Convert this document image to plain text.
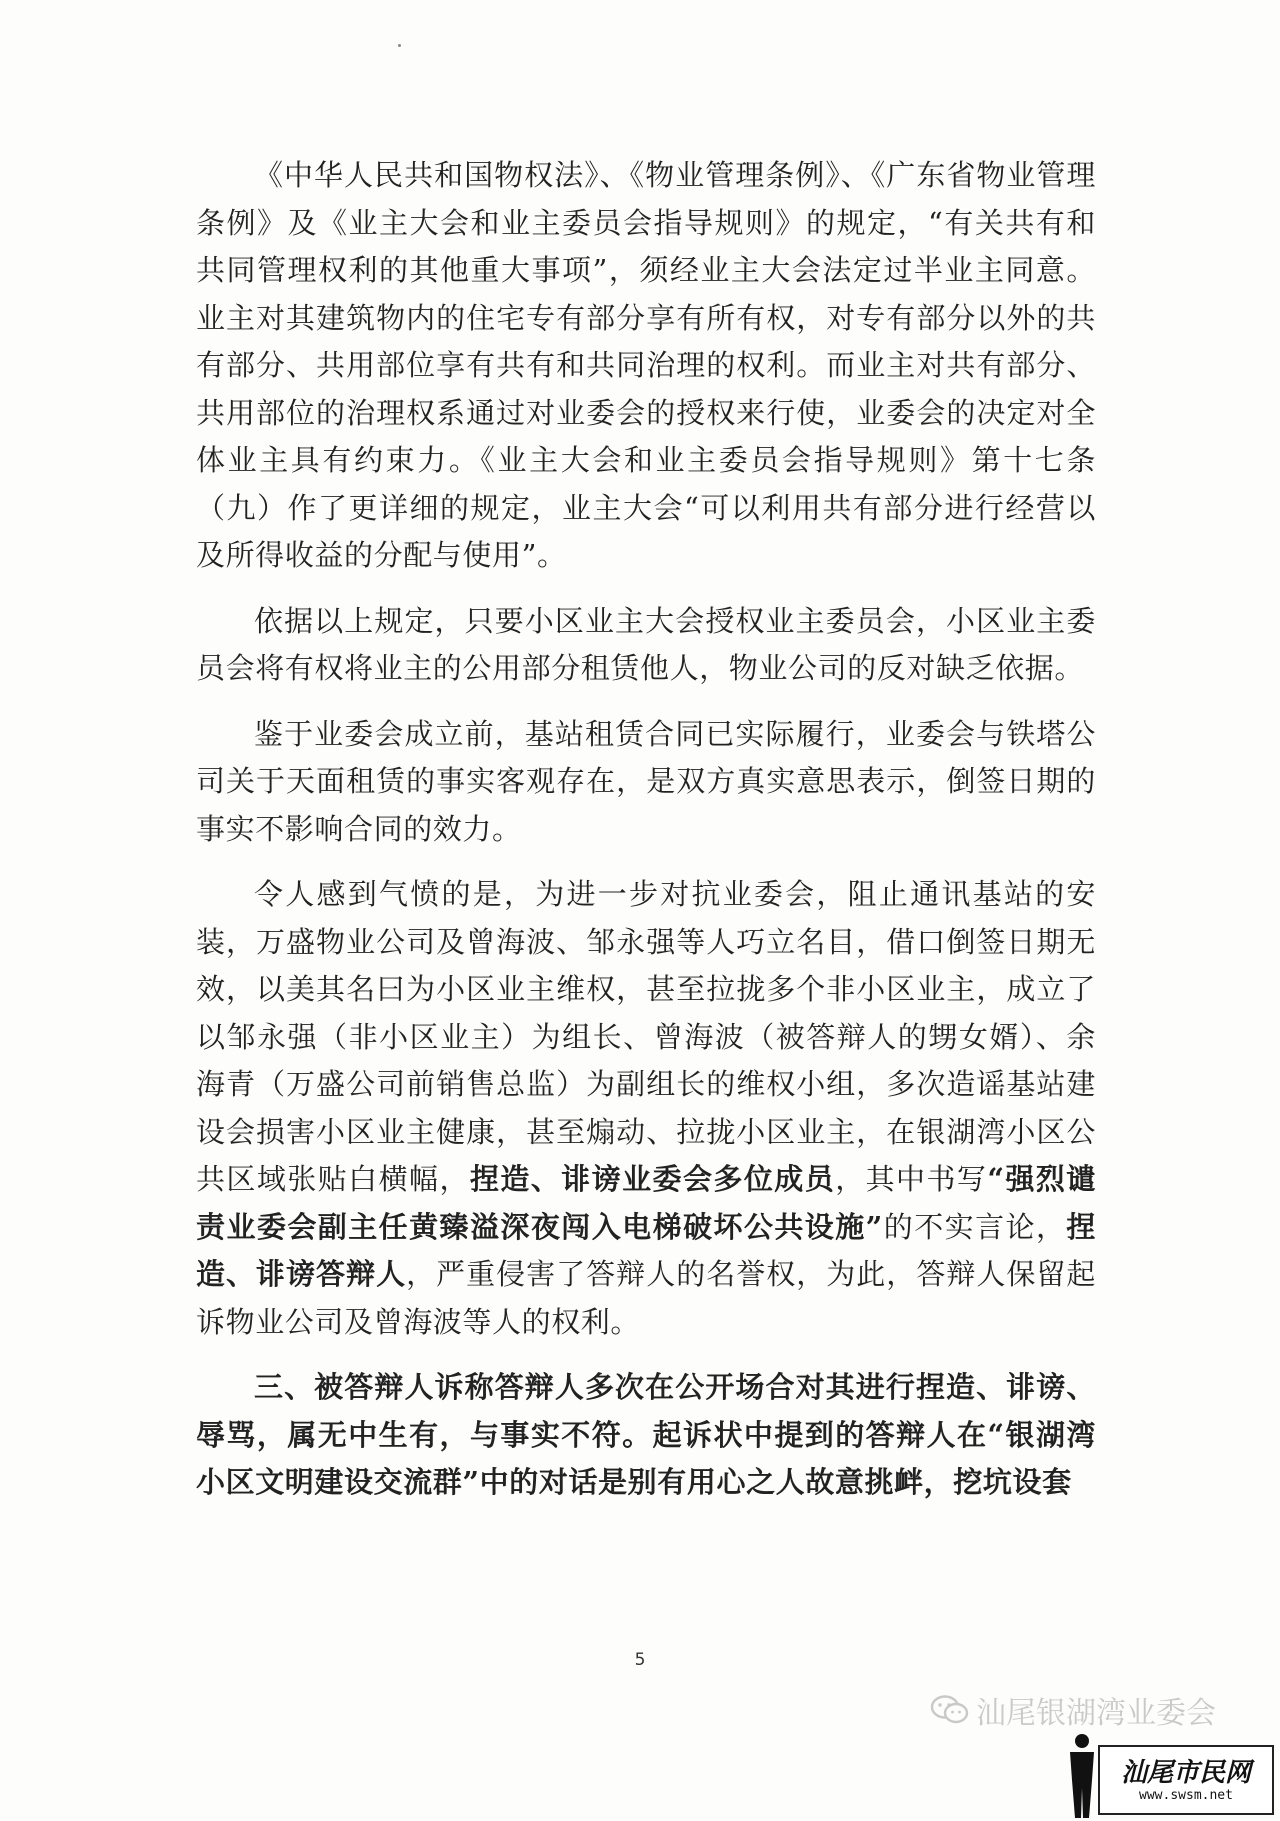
《中华人民共和国物权法》、《物业管理条例》、《广东省物业管理条例》及《业主大会和业主委员会指导规则》的规定，“有关共有和共同管理权利的其他重大事项”，须经业主大会法定过半业主同意。业主对其建筑物内的住宅专有部分享有所有权，对专有部分以外的共有部分、共用部位享有共有和共同治理的权利。而业主对共有部分、共用部位的治理权系通过对业委会的授权来行使，业委会的决定对全体业主具有约束力。《业主大会和业主委员会指导规则》第十七条（九）作了更详细的规定，业主大会“可以利用共有部分进行经营以及所得收益的分配与使用”。

依据以上规定，只要小区业主大会授权业主委员会，小区业主委员会将有权将业主的公用部分租赁他人，物业公司的反对缺乏依据。

鉴于业委会成立前，基站租赁合同已实际履行，业委会与铁塔公司关于天面租赁的事实客观存在，是双方真实意思表示，倒签日期的事实不影响合同的效力。

令人感到气愤的是，为进一步对抗业委会，阻止通讯基站的安装，万盛物业公司及曾海波、邹永强等人巧立名目，借口倒签日期无效，以美其名曰为小区业主维权，甚至拉拢多个非小区业主，成立了以邹永强（非小区业主）为组长、曾海波（被答辩人的甥女婿）、余海青（万盛公司前销售总监）为副组长的维权小组，多次造谣基站建设会损害小区业主健康，甚至煽动、拉拢小区业主，在银湖湾小区公共区域张贴白横幅，捏造、诽谤业委会多位成员，其中书写“强烈谴责业委会副主任黄臻溢深夜闯入电梯破坏公共设施”的不实言论，捏造、诽谤答辩人，严重侵害了答辩人的名誉权，为此，答辩人保留起诉物业公司及曾海波等人的权利。

三、被答辩人诉称答辩人多次在公开场合对其进行捏造、诽谤、辱骂，属无中生有，与事实不符。起诉状中提到的答辩人在“银湖湾小区文明建设交流群”中的对话是别有用心之人故意挑衅，挖坑设套

5
汕尾银湖湾业委会
汕尾市民网
www.swsm.net
